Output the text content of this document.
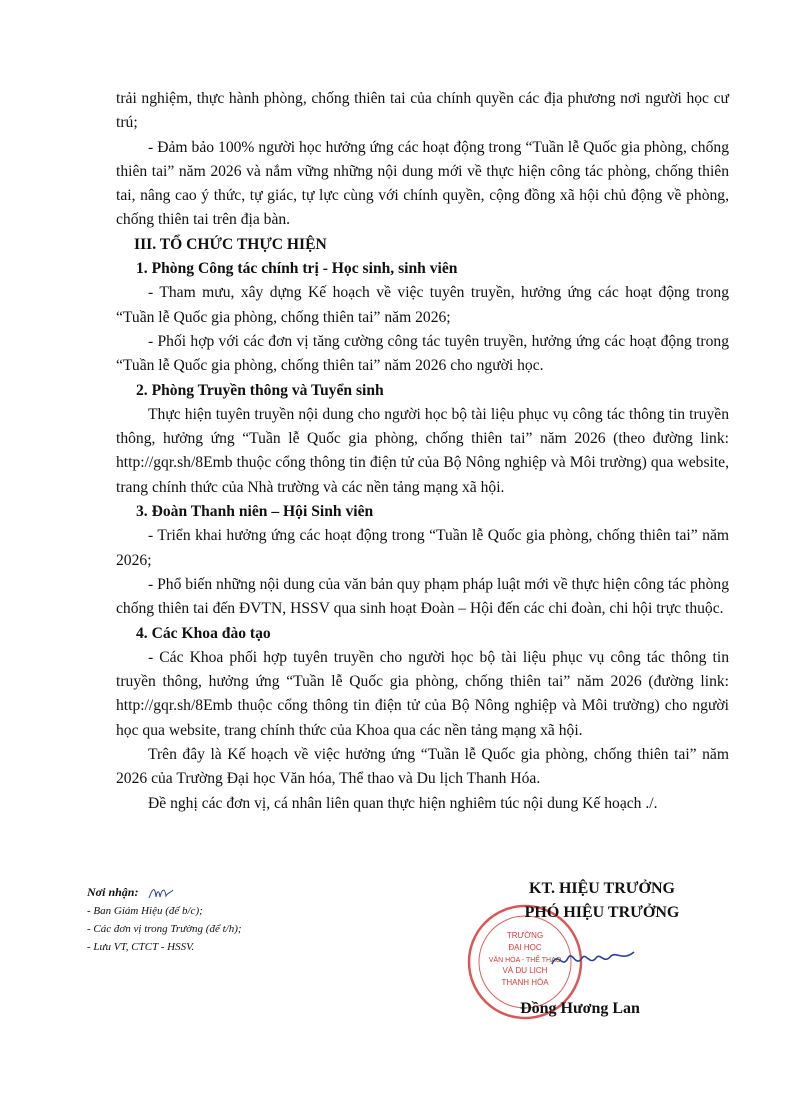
trải nghiệm, thực hành phòng, chống thiên tai của chính quyền các địa phương nơi người học cư trú;

- Đảm bảo 100% người học hưởng ứng các hoạt động trong “Tuần lễ Quốc gia phòng, chống thiên tai” năm 2026 và nắm vững những nội dung mới về thực hiện công tác phòng, chống thiên tai, nâng cao ý thức, tự giác, tự lực cùng với chính quyền, cộng đồng xã hội chủ động về phòng, chống thiên tai trên địa bàn.

III. TỔ CHỨC THỰC HIỆN

1. Phòng Công tác chính trị - Học sinh, sinh viên

- Tham mưu, xây dựng Kế hoạch về việc tuyên truyền, hưởng ứng các hoạt động trong “Tuần lễ Quốc gia phòng, chống thiên tai” năm 2026;

- Phối hợp với các đơn vị tăng cường công tác tuyên truyền, hưởng ứng các hoạt động trong “Tuần lễ Quốc gia phòng, chống thiên tai” năm 2026 cho người học.

2. Phòng Truyền thông và Tuyển sinh

Thực hiện tuyên truyền nội dung cho người học bộ tài liệu phục vụ công tác thông tin truyền thông, hưởng ứng “Tuần lễ Quốc gia phòng, chống thiên tai” năm 2026 (theo đường link: http://gqr.sh/8Emb thuộc cổng thông tin điện tử của Bộ Nông nghiệp và Môi trường) qua website, trang chính thức của Nhà trường và các nền tảng mạng xã hội.

3. Đoàn Thanh niên – Hội Sinh viên

- Triển khai hưởng ứng các hoạt động trong “Tuần lễ Quốc gia phòng, chống thiên tai” năm 2026;

- Phổ biến những nội dung của văn bản quy phạm pháp luật mới về thực hiện công tác phòng chống thiên tai đến ĐVTN, HSSV qua sinh hoạt Đoàn – Hội đến các chi đoàn, chi hội trực thuộc.

4. Các Khoa đào tạo

- Các Khoa phối hợp tuyên truyền cho người học bộ tài liệu phục vụ công tác thông tin truyền thông, hưởng ứng “Tuần lễ Quốc gia phòng, chống thiên tai” năm 2026 (đường link: http://gqr.sh/8Emb thuộc cổng thông tin điện tử của Bộ Nông nghiệp và Môi trường) cho người học qua website, trang chính thức của Khoa qua các nền tảng mạng xã hội.

Trên đây là Kế hoạch về việc hưởng ứng “Tuần lễ Quốc gia phòng, chống thiên tai” năm 2026 của Trường Đại học Văn hóa, Thể thao và Du lịch Thanh Hóa.

Đề nghị các đơn vị, cá nhân liên quan thực hiện nghiêm túc nội dung Kế hoạch ./.

Nơi nhận:
- Ban Giám Hiệu (để b/c);
- Các đơn vị trong Trường (để t/h);
- Lưu VT, CTCT - HSSV.
TRƯỜNG
ĐẠI HỌC
VĂN HÓA - THỂ THAO
VÀ DU LỊCH
THANH HÓA
KT. HIỆU TRƯỞNG
PHÓ HIỆU TRƯỞNG
Đồng Hương Lan
